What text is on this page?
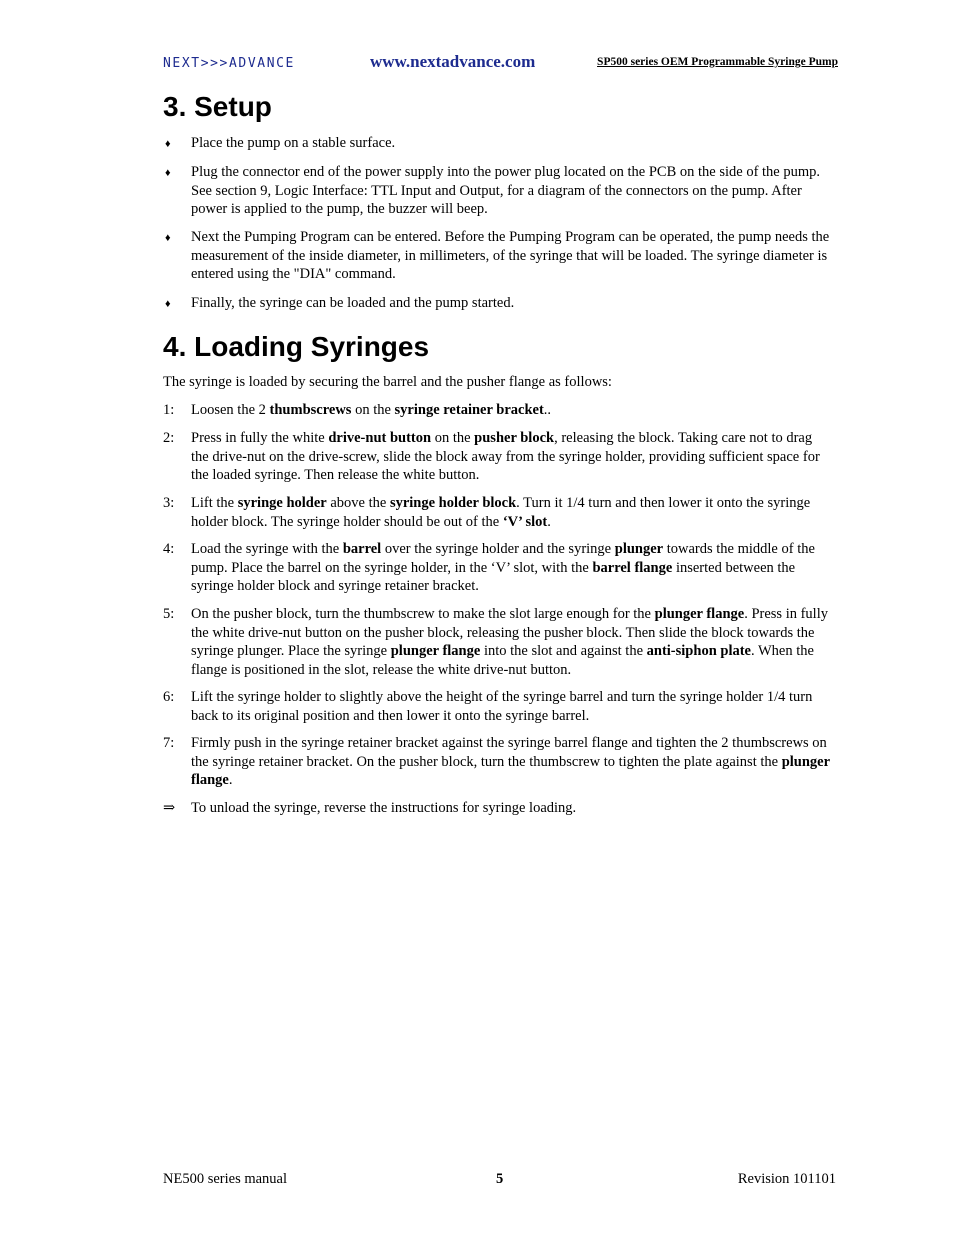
NEXT>>>ADVANCE	www.nextadvance.com	SP500 series OEM Programmable Syringe Pump
3. Setup
♦ Place the pump on a stable surface.
♦ Plug the connector end of the power supply into the power plug located on the PCB on the side of the pump. See section 9, Logic Interface: TTL Input and Output, for a diagram of the connectors on the pump. After power is applied to the pump, the buzzer will beep.
♦ Next the Pumping Program can be entered. Before the Pumping Program can be operated, the pump needs the measurement of the inside diameter, in millimeters, of the syringe that will be loaded. The syringe diameter is entered using the "DIA" command.
♦ Finally, the syringe can be loaded and the pump started.
4. Loading Syringes
The syringe is loaded by securing the barrel and the pusher flange as follows:
1: Loosen the 2 thumbscrews on the syringe retainer bracket..
2: Press in fully the white drive-nut button on the pusher block, releasing the block. Taking care not to drag the drive-nut on the drive-screw, slide the block away from the syringe holder, providing sufficient space for the loaded syringe. Then release the white button.
3: Lift the syringe holder above the syringe holder block. Turn it 1/4 turn and then lower it onto the syringe holder block. The syringe holder should be out of the ‘V’ slot.
4: Load the syringe with the barrel over the syringe holder and the syringe plunger towards the middle of the pump. Place the barrel on the syringe holder, in the ‘V’ slot, with the barrel flange inserted between the syringe holder block and syringe retainer bracket.
5: On the pusher block, turn the thumbscrew to make the slot large enough for the plunger flange. Press in fully the white drive-nut button on the pusher block, releasing the pusher block. Then slide the block towards the syringe plunger. Place the syringe plunger flange into the slot and against the anti-siphon plate. When the flange is positioned in the slot, release the white drive-nut button.
6: Lift the syringe holder to slightly above the height of the syringe barrel and turn the syringe holder 1/4 turn back to its original position and then lower it onto the syringe barrel.
7: Firmly push in the syringe retainer bracket against the syringe barrel flange and tighten the 2 thumbscrews on the syringe retainer bracket. On the pusher block, turn the thumbscrew to tighten the plate against the plunger flange.
⇒ To unload the syringe, reverse the instructions for syringe loading.
NE500 series manual	5	Revision 101101
